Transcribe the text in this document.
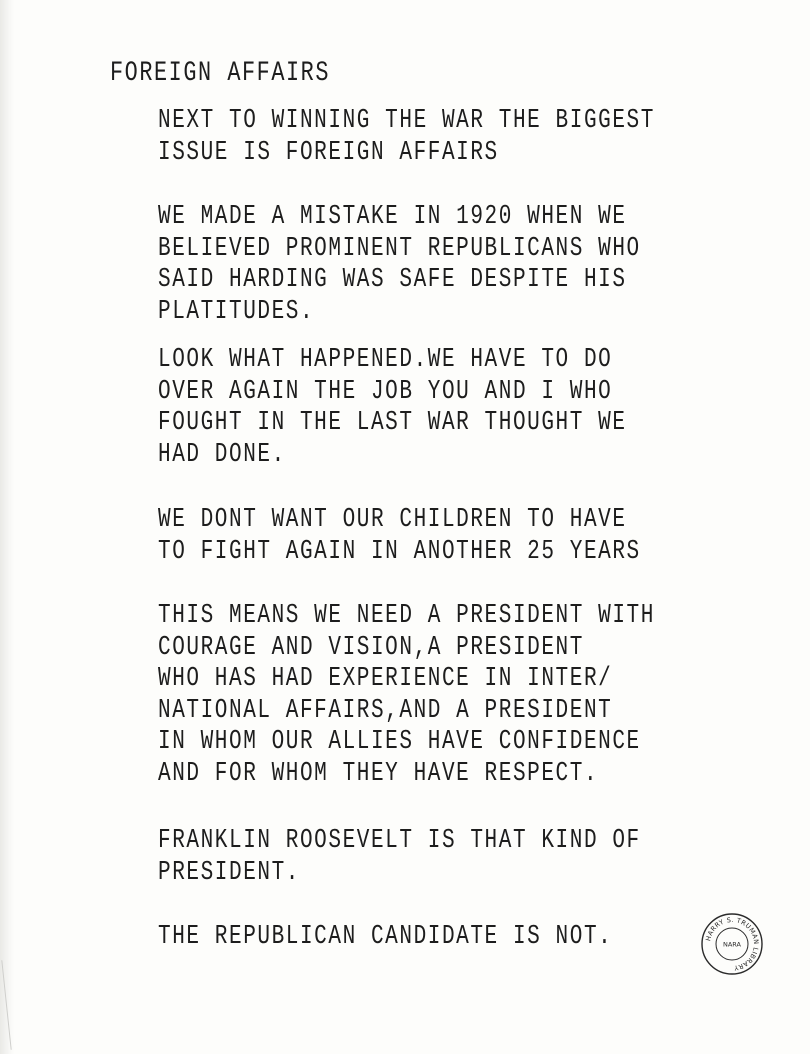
FOREIGN AFFAIRS
NEXT TO WINNING THE WAR THE BIGGEST
ISSUE IS FOREIGN AFFAIRS
WE MADE A MISTAKE IN 1920 WHEN WE
BELIEVED PROMINENT REPUBLICANS WHO
SAID HARDING WAS SAFE DESPITE HIS
PLATITUDES.
LOOK WHAT HAPPENED.WE HAVE TO DO
OVER AGAIN THE JOB YOU AND I WHO
FOUGHT IN THE LAST WAR THOUGHT WE
HAD DONE.
WE DONT WANT OUR CHILDREN TO HAVE
TO FIGHT AGAIN IN ANOTHER 25 YEARS
THIS MEANS WE NEED A PRESIDENT WITH
COURAGE AND VISION,A PRESIDENT
WHO HAS HAD EXPERIENCE IN INTER/
NATIONAL AFFAIRS,AND A PRESIDENT
IN WHOM OUR ALLIES HAVE CONFIDENCE
AND FOR WHOM THEY HAVE RESPECT.
FRANKLIN ROOSEVELT IS THAT KIND OF
PRESIDENT.
THE REPUBLICAN CANDIDATE IS NOT.	HARRY S. TRUMAN LIBRARY
NARA
